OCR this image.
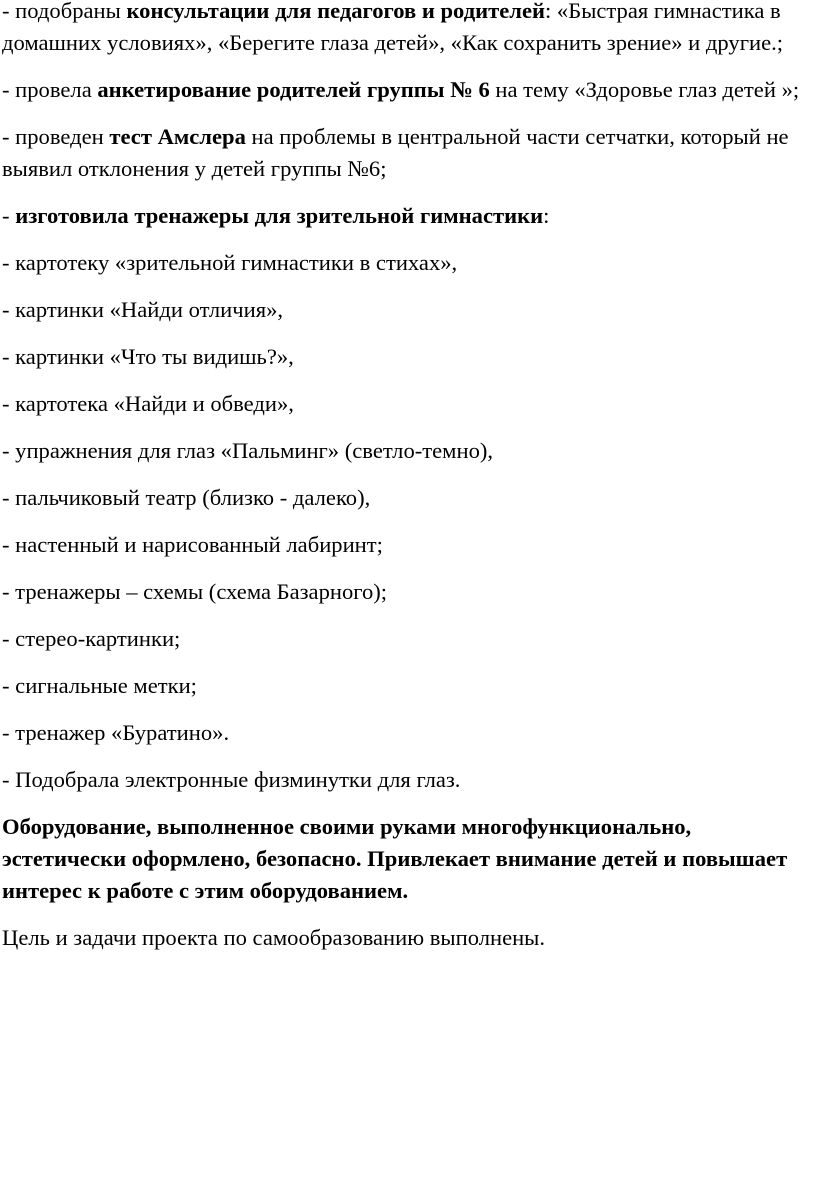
- подобраны консультации для педагогов и родителей: «Быстрая гимнастика в домашних условиях», «Берегите глаза детей», «Как сохранить зрение» и другие.;

- провела анкетирование родителей группы № 6 на тему «Здоровье глаз детей »;

- проведен тест Амслера на проблемы в центральной части сетчатки, который не выявил отклонения у детей группы №6;

- изготовила тренажеры для зрительной гимнастики:

- картотеку «зрительной гимнастики в стихах»,

- картинки «Найди отличия»,

- картинки «Что ты видишь?»,

- картотека «Найди и обведи»,

- упражнения для глаз «Пальминг» (светло-темно),

- пальчиковый театр (близко - далеко),

- настенный и нарисованный лабиринт;

- тренажеры – схемы (схема Базарного);

- стерео-картинки;

- сигнальные метки;

- тренажер «Буратино».

- Подобрала электронные физминутки для глаз.

Оборудование, выполненное своими руками многофункционально, эстетически оформлено, безопасно. Привлекает внимание детей и повышает интерес к работе с этим оборудованием.

Цель и задачи проекта по самообразованию выполнены.
